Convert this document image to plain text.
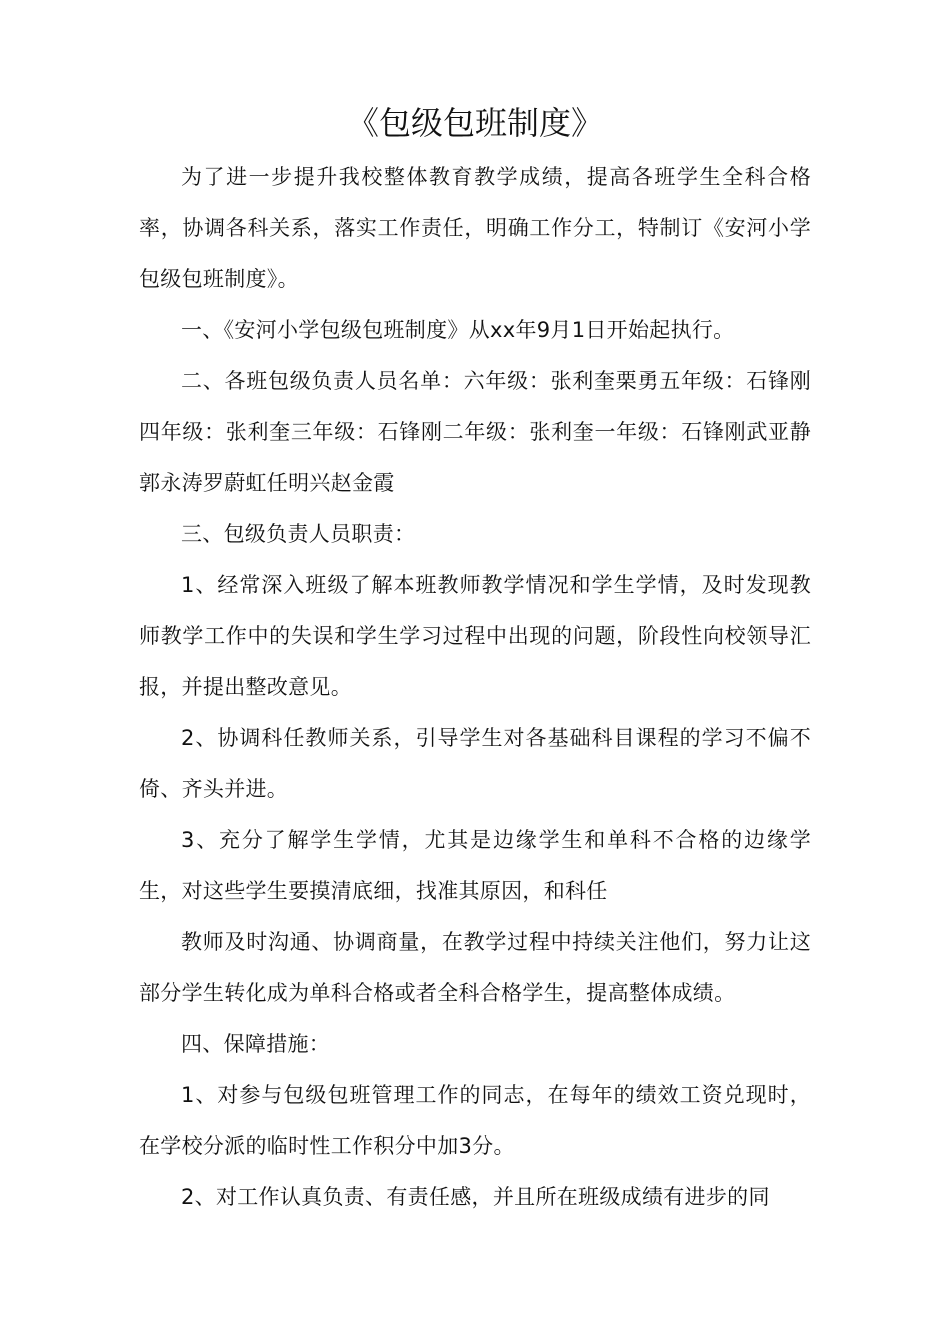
《包级包班制度》

为了进一步提升我校整体教育教学成绩，提高各班学生全科合格率，协调各科关系，落实工作责任，明确工作分工，特制订《安河小学包级包班制度》。

一、《安河小学包级包班制度》从xx年9月1日开始起执行。

二、各班包级负责人员名单：六年级：张利奎栗勇五年级：石锋刚四年级：张利奎三年级：石锋刚二年级：张利奎一年级：石锋刚武亚静郭永涛罗蔚虹任明兴赵金霞

三、包级负责人员职责：

1、经常深入班级了解本班教师教学情况和学生学情，及时发现教师教学工作中的失误和学生学习过程中出现的问题，阶段性向校领导汇报，并提出整改意见。

2、协调科任教师关系，引导学生对各基础科目课程的学习不偏不倚、齐头并进。

3、充分了解学生学情，尤其是边缘学生和单科不合格的边缘学生，对这些学生要摸清底细，找准其原因，和科任

教师及时沟通、协调商量，在教学过程中持续关注他们，努力让这部分学生转化成为单科合格或者全科合格学生，提高整体成绩。

四、保障措施：

1、对参与包级包班管理工作的同志，在每年的绩效工资兑现时，在学校分派的临时性工作积分中加3分。

2、对工作认真负责、有责任感，并且所在班级成绩有进步的同
